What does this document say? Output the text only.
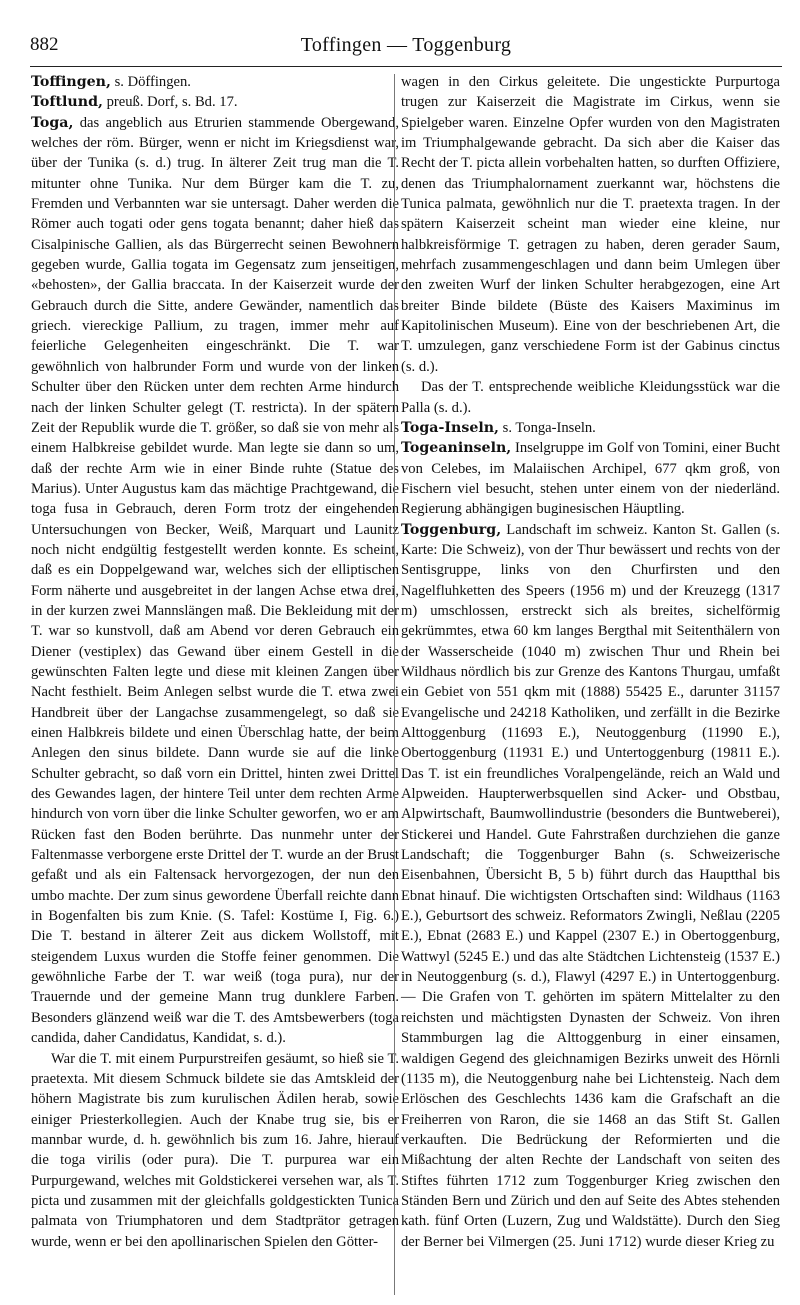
882	Toffingen — Toggenburg

Toffingen, s. Döffingen.

Toftlund, preuß. Dorf, s. Bd. 17.

Toga, das angeblich aus Etrurien stammende Obergewand, welches der röm. Bürger, wenn er nicht im Kriegsdienst war, über der Tunika (s. d.) trug. In älterer Zeit trug man die T. mitunter ohne Tunika. Nur dem Bürger kam die T. zu, Fremden und Verbannten war sie untersagt. Daher werden die Römer auch togati oder gens togata benannt; daher hieß das Cisalpinische Gallien, als das Bürgerrecht seinen Bewohnern gegeben wurde, Gallia togata im Gegensatz zum jenseitigen, «behosten», der Gallia braccata. In der Kaiserzeit wurde der Gebrauch durch die Sitte, andere Gewänder, namentlich das griech. viereckige Pallium, zu tragen, immer mehr auf feierliche Gelegenheiten eingeschränkt. Die T. war gewöhnlich von halbrunder Form und wurde von der linken Schulter über den Rücken unter dem rechten Arme hindurch nach der linken Schulter gelegt (T. restricta). In der spätern Zeit der Republik wurde die T. größer, so daß sie von mehr als einem Halbkreise gebildet wurde. Man legte sie dann so um, daß der rechte Arm wie in einer Binde ruhte (Statue des Marius). Unter Augustus kam das mächtige Prachtgewand, die toga fusa in Gebrauch, deren Form trotz der eingehenden Untersuchungen von Becker, Weiß, Marquart und Launitz noch nicht endgültig festgestellt werden konnte. Es scheint, daß es ein Doppelgewand war, welches sich der elliptischen Form näherte und ausgebreitet in der langen Achse etwa drei, in der kurzen zwei Mannslängen maß. Die Bekleidung mit der T. war so kunstvoll, daß am Abend vor deren Gebrauch ein Diener (vestiplex) das Gewand über einem Gestell in die gewünschten Falten legte und diese mit kleinen Zangen über Nacht festhielt. Beim Anlegen selbst wurde die T. etwa zwei Handbreit über der Langachse zusammengelegt, so daß sie einen Halbkreis bildete und einen Überschlag hatte, der beim Anlegen den sinus bildete. Dann wurde sie auf die linke Schulter gebracht, so daß vorn ein Drittel, hinten zwei Drittel des Gewandes lagen, der hintere Teil unter dem rechten Arme hindurch von vorn über die linke Schulter geworfen, wo er am Rücken fast den Boden berührte. Das nunmehr unter der Faltenmasse verborgene erste Drittel der T. wurde an der Brust gefaßt und als ein Faltensack hervorgezogen, der nun den umbo machte. Der zum sinus gewordene Überfall reichte dann in Bogenfalten bis zum Knie. (S. Tafel: Kostüme I, Fig. 6.) Die T. bestand in älterer Zeit aus dickem Wollstoff, mit steigendem Luxus wurden die Stoffe feiner genommen. Die gewöhnliche Farbe der T. war weiß (toga pura), nur der Trauernde und der gemeine Mann trug dunklere Farben. Besonders glänzend weiß war die T. des Amtsbewerbers (toga candida, daher Candidatus, Kandidat, s. d.).

War die T. mit einem Purpurstreifen gesäumt, so hieß sie T. praetexta. Mit diesem Schmuck bildete sie das Amtskleid der höhern Magistrate bis zum kurulischen Ädilen herab, sowie einiger Priesterkollegien. Auch der Knabe trug sie, bis er mannbar wurde, d. h. gewöhnlich bis zum 16. Jahre, hierauf die toga virilis (oder pura). Die T. purpurea war ein Purpurgewand, welches mit Goldstickerei versehen war, als T. picta und zusammen mit der gleichfalls goldgestickten Tunica palmata von Triumphatoren und dem Stadtprätor getragen wurde, wenn er bei den apollinarischen Spielen den Götter-

wagen in den Cirkus geleitete. Die ungestickte Purpurtoga trugen zur Kaiserzeit die Magistrate im Cirkus, wenn sie Spielgeber waren. Einzelne Opfer wurden von den Magistraten im Triumphalgewande gebracht. Da sich aber die Kaiser das Recht der T. picta allein vorbehalten hatten, so durften Offiziere, denen das Triumphalornament zuerkannt war, höchstens die Tunica palmata, gewöhnlich nur die T. praetexta tragen. In der spätern Kaiserzeit scheint man wieder eine kleine, nur halbkreisförmige T. getragen zu haben, deren gerader Saum, mehrfach zusammengeschlagen und dann beim Umlegen über den zweiten Wurf der linken Schulter herabgezogen, eine Art breiter Binde bildete (Büste des Kaisers Maximinus im Kapitolinischen Museum). Eine von der beschriebenen Art, die T. umzulegen, ganz verschiedene Form ist der Gabinus cinctus (s. d.).

Das der T. entsprechende weibliche Kleidungsstück war die Palla (s. d.).

Toga-Inseln, s. Tonga-Inseln.

Togeaninseln, Inselgruppe im Golf von Tomini, einer Bucht von Celebes, im Malaiischen Archipel, 677 qkm groß, von Fischern viel besucht, stehen unter einem von der niederländ. Regierung abhängigen buginesischen Häuptling.

Toggenburg, Landschaft im schweiz. Kanton St. Gallen (s. Karte: Die Schweiz), von der Thur bewässert und rechts von der Sentisgruppe, links von den Churfirsten und den Nagelfluhketten des Speers (1956 m) und der Kreuzegg (1317 m) umschlossen, erstreckt sich als breites, sichelförmig gekrümmtes, etwa 60 km langes Bergthal mit Seitenthälern von der Wasserscheide (1040 m) zwischen Thur und Rhein bei Wildhaus nördlich bis zur Grenze des Kantons Thurgau, umfaßt ein Gebiet von 551 qkm mit (1888) 55425 E., darunter 31157 Evangelische und 24218 Katholiken, und zerfällt in die Bezirke Alttoggenburg (11693 E.), Neutoggenburg (11990 E.), Obertoggenburg (11931 E.) und Untertoggenburg (19811 E.). Das T. ist ein freundliches Voralpengelände, reich an Wald und Alpweiden. Haupterwerbsquellen sind Acker- und Obstbau, Alpwirtschaft, Baumwollindustrie (besonders die Buntweberei), Stickerei und Handel. Gute Fahrstraßen durchziehen die ganze Landschaft; die Toggenburger Bahn (s. Schweizerische Eisenbahnen, Übersicht B, 5 b) führt durch das Hauptthal bis Ebnat hinauf. Die wichtigsten Ortschaften sind: Wildhaus (1163 E.), Geburtsort des schweiz. Reformators Zwingli, Neßlau (2205 E.), Ebnat (2683 E.) und Kappel (2307 E.) in Obertoggenburg, Wattwyl (5245 E.) und das alte Städtchen Lichtensteig (1537 E.) in Neutoggenburg (s. d.), Flawyl (4297 E.) in Untertoggenburg. — Die Grafen von T. gehörten im spätern Mittelalter zu den reichsten und mächtigsten Dynasten der Schweiz. Von ihren Stammburgen lag die Alttoggenburg in einer einsamen, waldigen Gegend des gleichnamigen Bezirks unweit des Hörnli (1135 m), die Neutoggenburg nahe bei Lichtensteig. Nach dem Erlöschen des Geschlechts 1436 kam die Grafschaft an die Freiherren von Raron, die sie 1468 an das Stift St. Gallen verkauften. Die Bedrückung der Reformierten und die Mißachtung der alten Rechte der Landschaft von seiten des Stiftes führten 1712 zum Toggenburger Krieg zwischen den Ständen Bern und Zürich und den auf Seite des Abtes stehenden kath. fünf Orten (Luzern, Zug und Waldstätte). Durch den Sieg der Berner bei Vilmergen (25. Juni 1712) wurde dieser Krieg zu
